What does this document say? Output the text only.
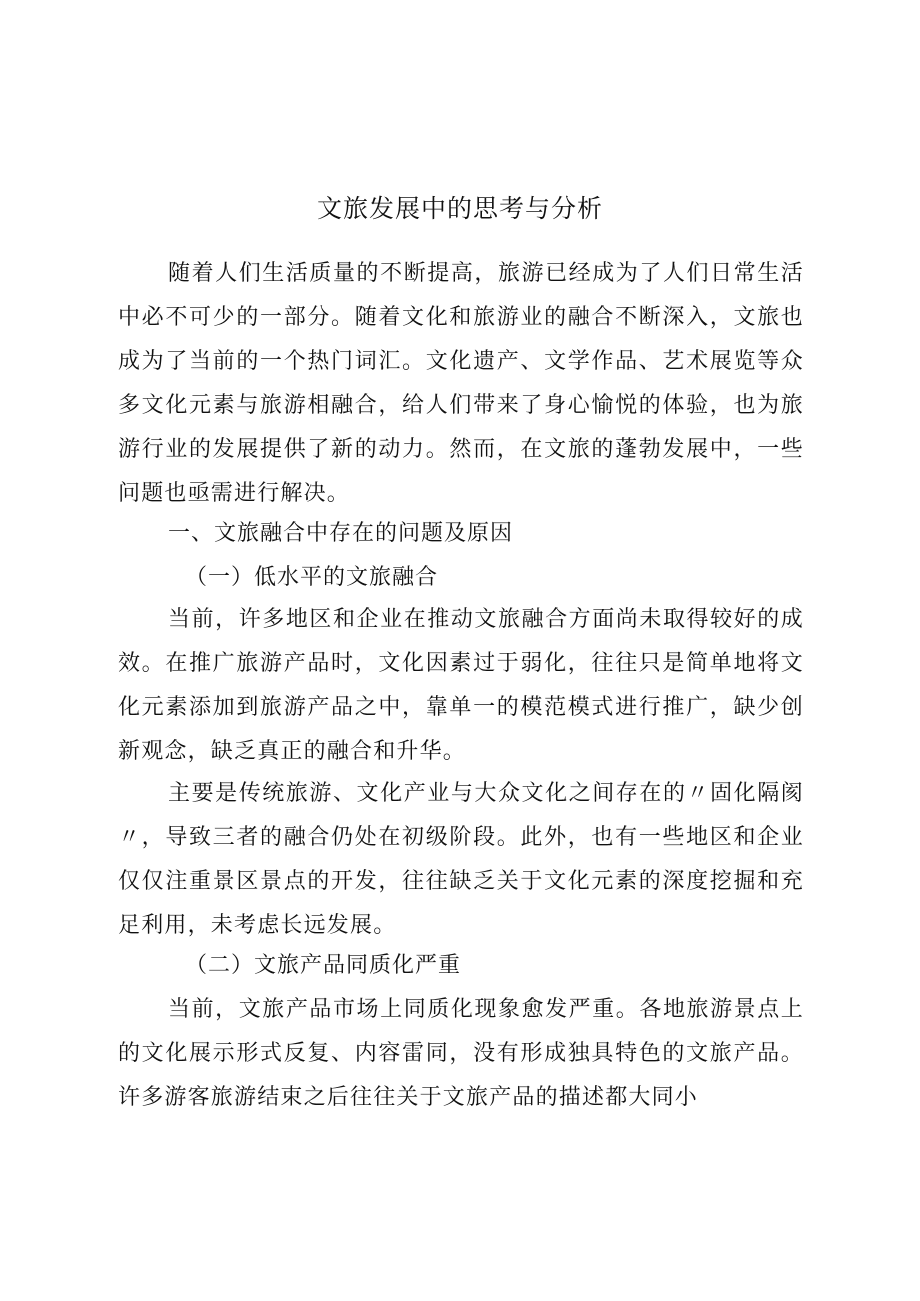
文旅发展中的思考与分析

随着人们生活质量的不断提高，旅游已经成为了人们日常生活中必不可少的一部分。随着文化和旅游业的融合不断深入，文旅也成为了当前的一个热门词汇。文化遗产、文学作品、艺术展览等众多文化元素与旅游相融合，给人们带来了身心愉悦的体验，也为旅游行业的发展提供了新的动力。然而，在文旅的蓬勃发展中，一些问题也亟需进行解决。

一、文旅融合中存在的问题及原因
（一）低水平的文旅融合

当前，许多地区和企业在推动文旅融合方面尚未取得较好的成效。在推广旅游产品时，文化因素过于弱化，往往只是简单地将文化元素添加到旅游产品之中，靠单一的模范模式进行推广，缺少创新观念，缺乏真正的融合和升华。

主要是传统旅游、文化产业与大众文化之间存在的〃固化隔阂〃，导致三者的融合仍处在初级阶段。此外，也有一些地区和企业仅仅注重景区景点的开发，往往缺乏关于文化元素的深度挖掘和充足利用，未考虑长远发展。

（二）文旅产品同质化严重

当前，文旅产品市场上同质化现象愈发严重。各地旅游景点上的文化展示形式反复、内容雷同，没有形成独具特色的文旅产品。许多游客旅游结束之后往往关于文旅产品的描述都大同小
